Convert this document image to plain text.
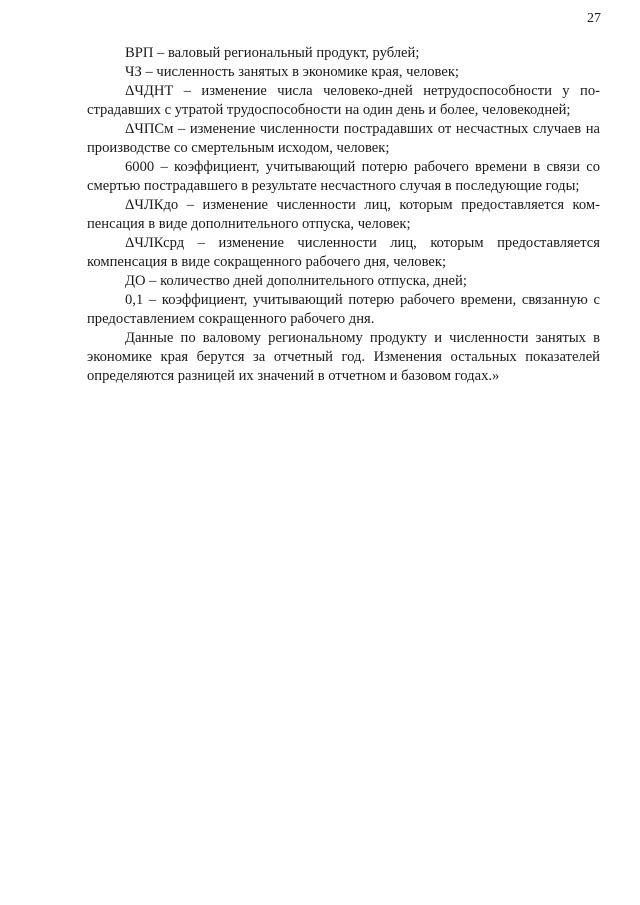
27

ВРП – валовый региональный продукт, рублей;

ЧЗ – численность занятых в экономике края, человек;

ΔЧДНТ – изменение числа человеко-дней нетрудоспособности у пострадавших с утратой трудоспособности на один день и более, человекодней;

ΔЧПСм – изменение численности пострадавших от несчастных случаев на производстве со смертельным исходом, человек;

6000 – коэффициент, учитывающий потерю рабочего времени в связи со смертью пострадавшего в результате несчастного случая в последующие годы;

ΔЧЛКдо – изменение численности лиц, которым предоставляется компенсация в виде дополнительного отпуска, человек;

ΔЧЛКсрд – изменение численности лиц, которым предоставляется компенсация в виде сокращенного рабочего дня, человек;

ДО – количество дней дополнительного отпуска, дней;

0,1 – коэффициент, учитывающий потерю рабочего времени, связанную с предоставлением сокращенного рабочего дня.

Данные по валовому региональному продукту и численности занятых в экономике края берутся за отчетный год. Изменения остальных показателей определяются разницей их значений в отчетном и базовом годах.»
